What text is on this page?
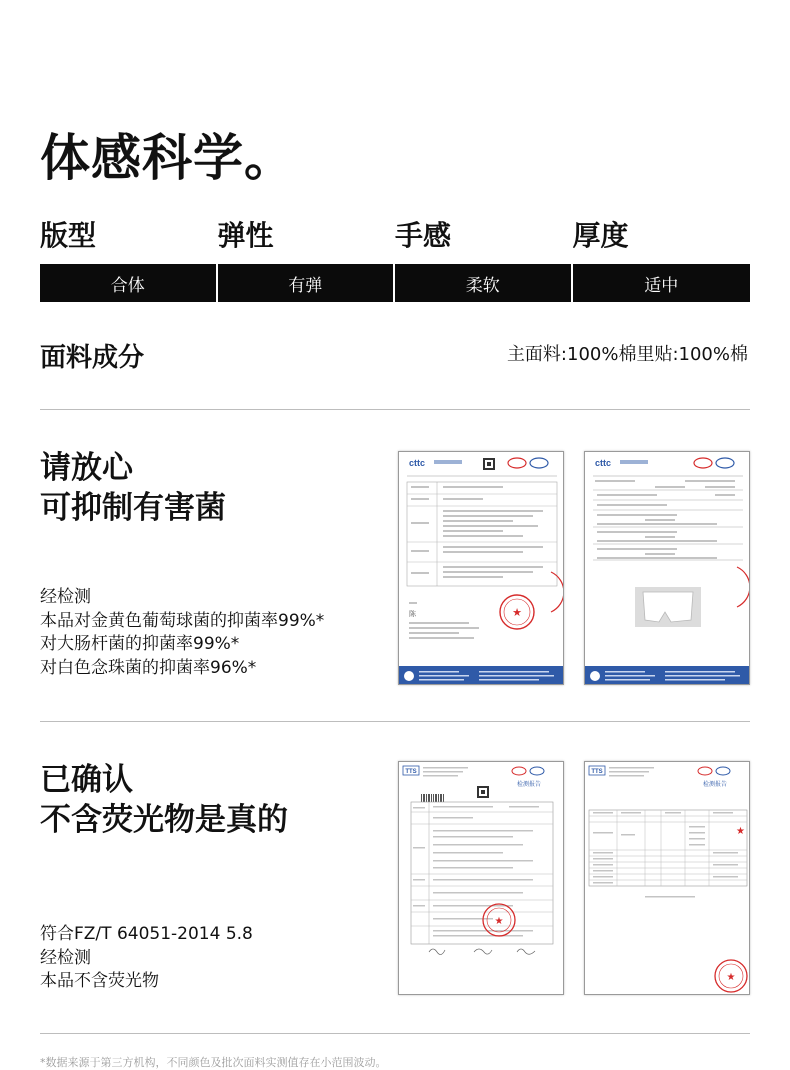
体感科学。
版型	弹性	手感	厚度
合体	有弹	柔软	适中
面料成分	主面料:100%棉里贴:100%棉
请放心
可抑制有害菌
经检测
本品对金黄色葡萄球菌的抑菌率99%*
对大肠杆菌的抑菌率99%*
对白色念珠菌的抑菌率96%*
cttc
陈	★
cttc
已确认
不含荧光物是真的
符合FZ/T 64051-2014 5.8
经检测
本品不含荧光物
TTS
检测报告
★
TTS
检测报告
★
★
*数据来源于第三方机构，不同颜色及批次面料实测值存在小范围波动。
